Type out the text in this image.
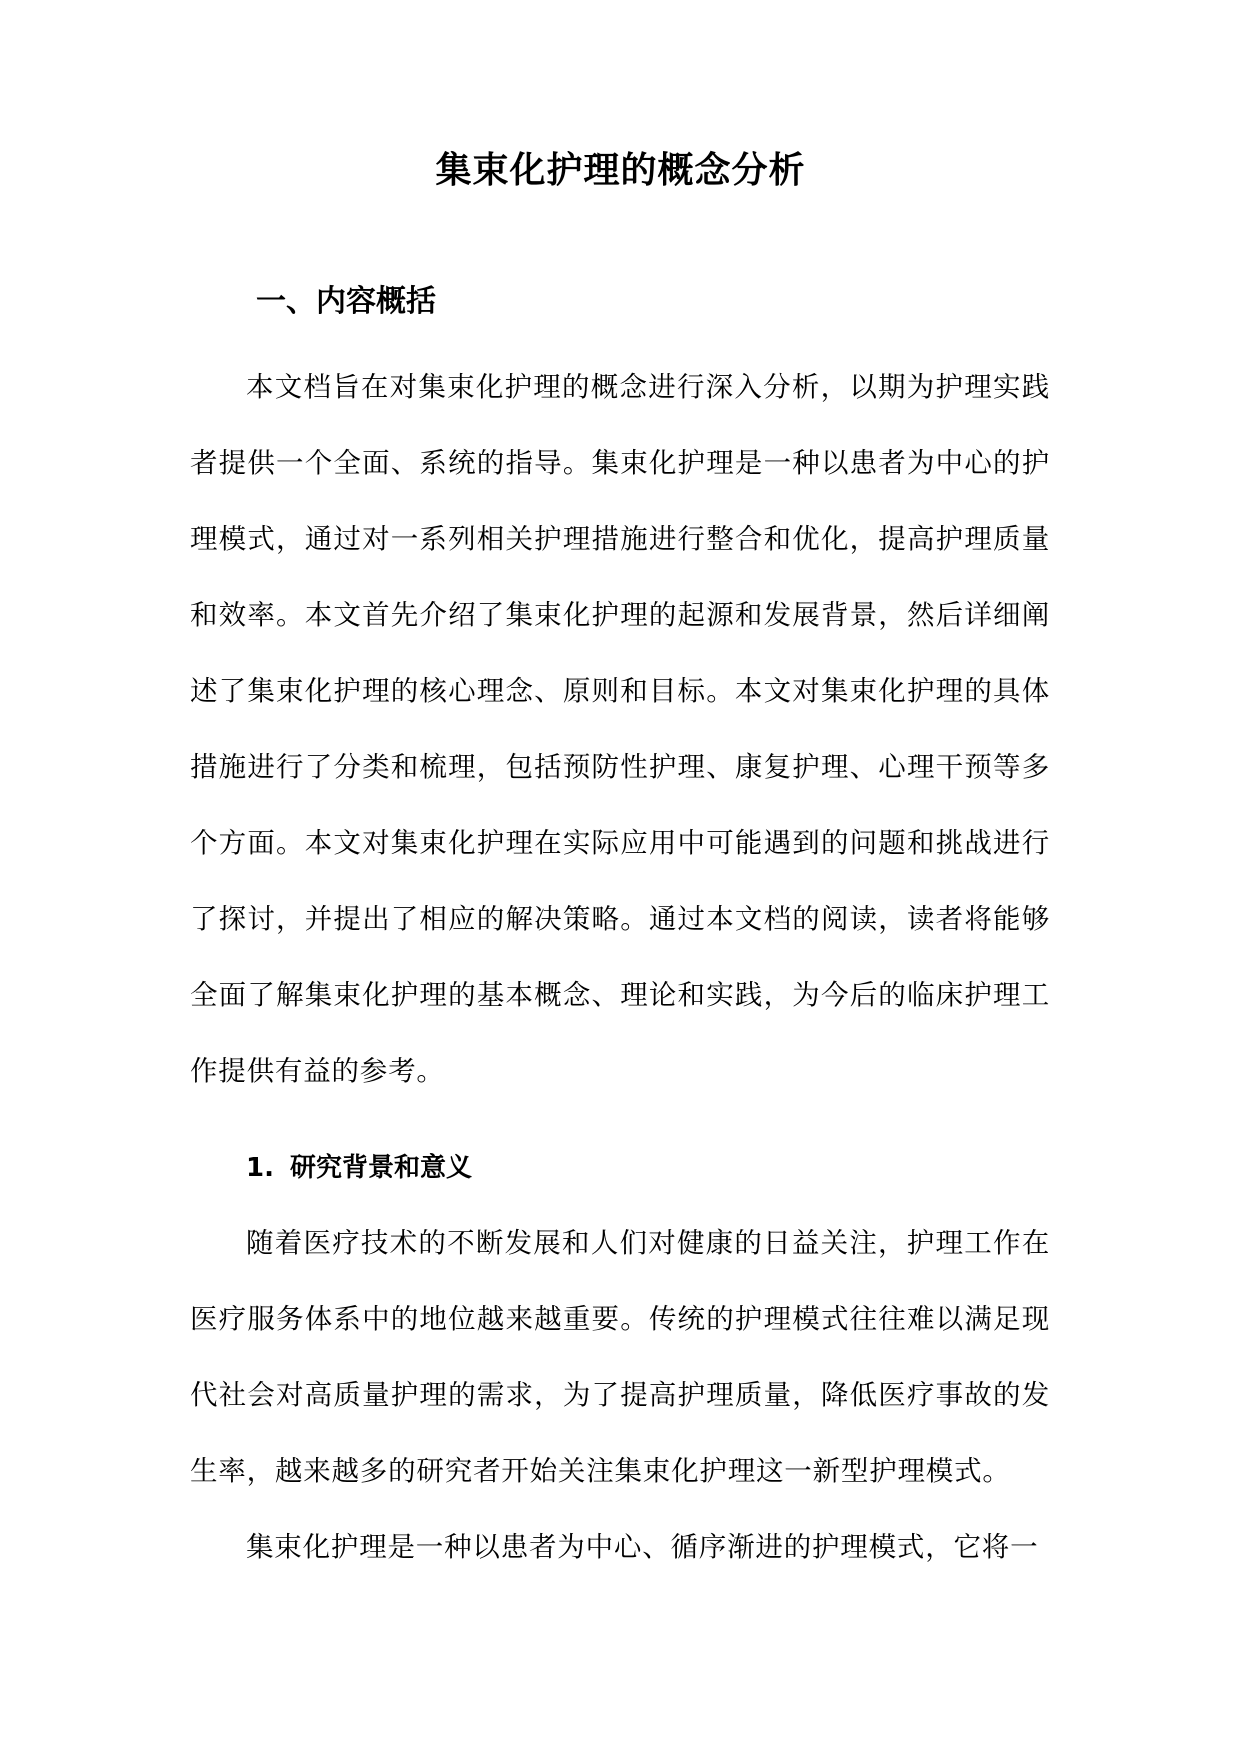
集束化护理的概念分析
一、内容概括

本文档旨在对集束化护理的概念进行深入分析，以期为护理实践者提供一个全面、系统的指导。集束化护理是一种以患者为中心的护理模式，通过对一系列相关护理措施进行整合和优化，提高护理质量和效率。本文首先介绍了集束化护理的起源和发展背景，然后详细阐述了集束化护理的核心理念、原则和目标。本文对集束化护理的具体措施进行了分类和梳理，包括预防性护理、康复护理、心理干预等多个方面。本文对集束化护理在实际应用中可能遇到的问题和挑战进行了探讨，并提出了相应的解决策略。通过本文档的阅读，读者将能够全面了解集束化护理的基本概念、理论和实践，为今后的临床护理工作提供有益的参考。

1. 研究背景和意义

随着医疗技术的不断发展和人们对健康的日益关注，护理工作在医疗服务体系中的地位越来越重要。传统的护理模式往往难以满足现代社会对高质量护理的需求，为了提高护理质量，降低医疗事故的发生率，越来越多的研究者开始关注集束化护理这一新型护理模式。

集束化护理是一种以患者为中心、循序渐进的护理模式，它将一
